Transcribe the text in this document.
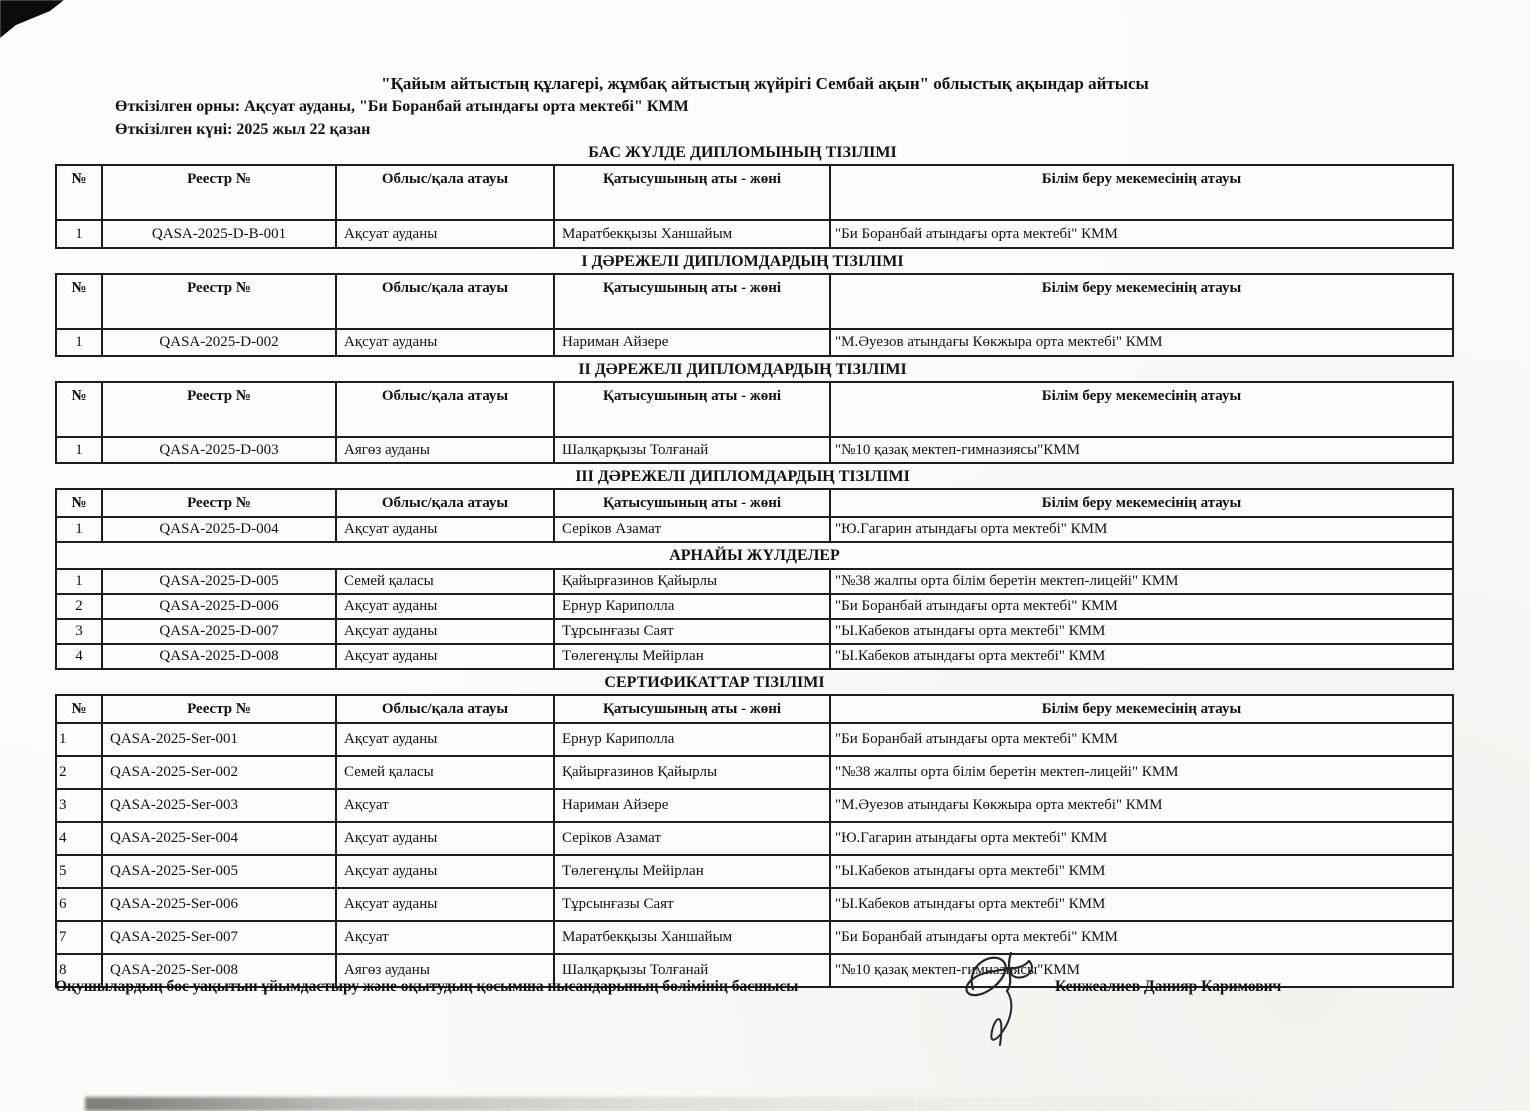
"Қайым айтыстың құлагері, жұмбақ айтыстың жүйрігі Сембай ақын" облыстық ақындар айтысы
Өткізілген орны: Ақсуат ауданы, "Би Боранбай атындағы орта мектебі" КММ
Өткізілген күні: 2025 жыл 22 қазан
БАС ЖҮЛДЕ ДИПЛОМЫНЫҢ ТІЗІЛІМІ
№	Реестр №	Облыс/қала атауы	Қатысушының аты - жөні	Білім беру мекемесінің атауы
1	QASA-2025-D-B-001	Ақсуат ауданы	Маратбекқызы Ханшайым	"Би Боранбай атындағы орта мектебі" КММ
І ДӘРЕЖЕЛІ ДИПЛОМДАРДЫҢ ТІЗІЛІМІ
№	Реестр №	Облыс/қала атауы	Қатысушының аты - жөні	Білім беру мекемесінің атауы
1	QASA-2025-D-002	Ақсуат ауданы	Нариман Айзере	"М.Әуезов атындағы Көкжыра орта мектебі" КММ
ІІ ДӘРЕЖЕЛІ ДИПЛОМДАРДЫҢ ТІЗІЛІМІ
№	Реестр №	Облыс/қала атауы	Қатысушының аты - жөні	Білім беру мекемесінің атауы
1	QASA-2025-D-003	Аягөз ауданы	Шалқарқызы Толғанай	"№10 қазақ мектеп-гимназиясы"КММ
ІІІ ДӘРЕЖЕЛІ ДИПЛОМДАРДЫҢ ТІЗІЛІМІ
№	Реестр №	Облыс/қала атауы	Қатысушының аты - жөні	Білім беру мекемесінің атауы
1	QASA-2025-D-004	Ақсуат ауданы	Серіков Азамат	"Ю.Гагарин атындағы орта мектебі" КММ
АРНАЙЫ ЖҮЛДЕЛЕР				
1	QASA-2025-D-005	Семей қаласы	Қайырғазинов Қайырлы	"№38 жалпы орта білім беретін мектеп-лицейі" КММ
2	QASA-2025-D-006	Ақсуат ауданы	Ернур Кариполла	"Би Боранбай атындағы орта мектебі" КММ
3	QASA-2025-D-007	Ақсуат ауданы	Тұрсынғазы Саят	"Ы.Кабеков атындағы орта мектебі" КММ
4	QASA-2025-D-008	Ақсуат ауданы	Төлегенұлы Мейірлан	"Ы.Кабеков атындағы орта мектебі" КММ
СЕРТИФИКАТТАР ТІЗІЛІМІ
№	Реестр №	Облыс/қала атауы	Қатысушының аты - жөні	Білім беру мекемесінің атауы
1	QASA-2025-Ser-001	Ақсуат ауданы	Ернур Кариполла	"Би Боранбай атындағы орта мектебі" КММ
2	QASA-2025-Ser-002	Семей қаласы	Қайырғазинов Қайырлы	"№38 жалпы орта білім беретін мектеп-лицейі" КММ
3	QASA-2025-Ser-003	Ақсуат	Нариман Айзере	"М.Әуезов атындағы Көкжыра орта мектебі" КММ
4	QASA-2025-Ser-004	Ақсуат ауданы	Серіков Азамат	"Ю.Гагарин атындағы орта мектебі" КММ
5	QASA-2025-Ser-005	Ақсуат ауданы	Төлегенұлы Мейірлан	"Ы.Кабеков атындағы орта мектебі" КММ
6	QASA-2025-Ser-006	Ақсуат ауданы	Тұрсынғазы Саят	"Ы.Кабеков атындағы орта мектебі" КММ
7	QASA-2025-Ser-007	Ақсуат	Маратбекқызы Ханшайым	"Би Боранбай атындағы орта мектебі" КММ
8	QASA-2025-Ser-008	Аягөз ауданы	Шалқарқызы Толғанай	"№10 қазақ мектеп-гимназиясы"КММ
Оқушылардың бос уақытын ұйымдастыру және оқытудың қосымша нысандарының бөлімінің басшысы	Кенжеалиев Данияр Каримович
